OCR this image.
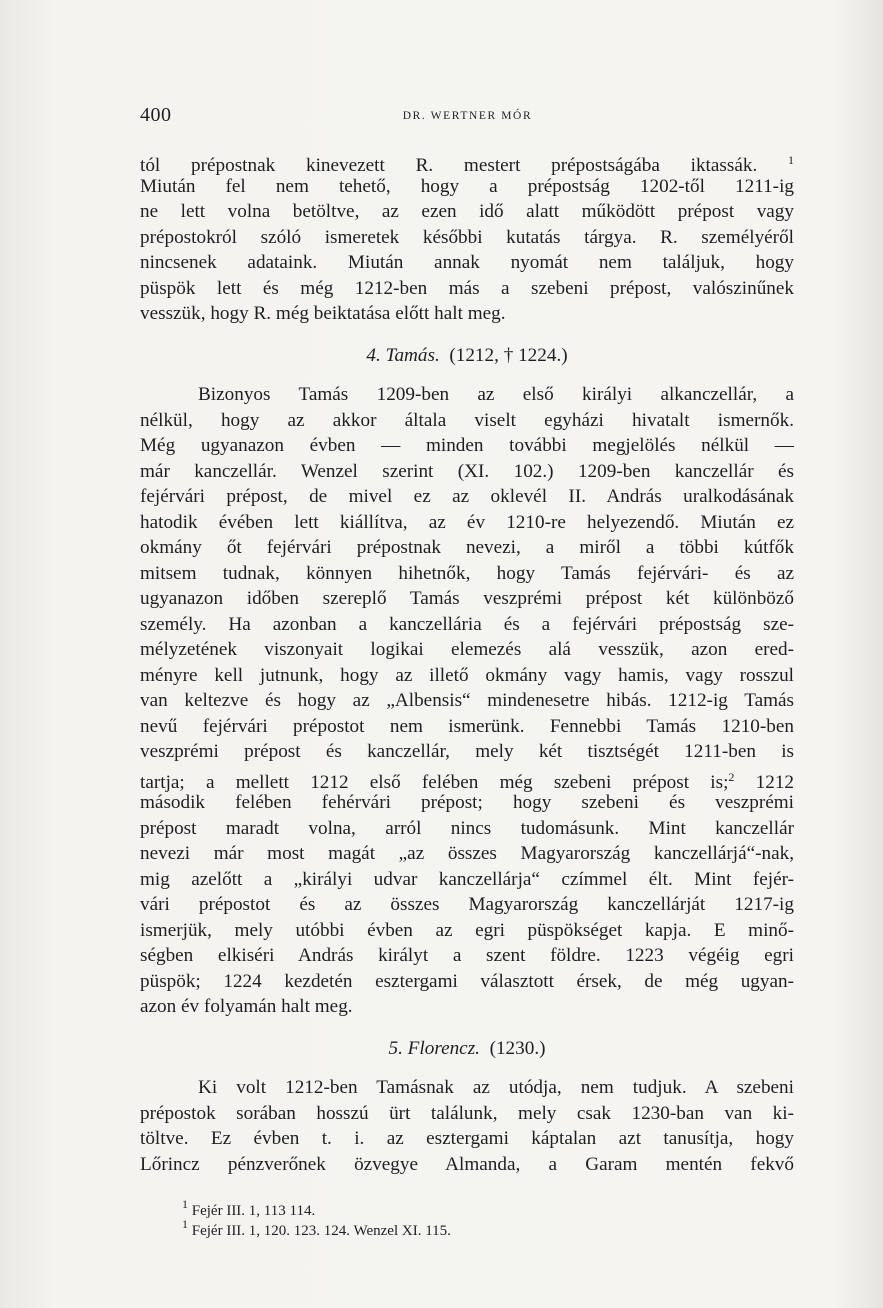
400	DR. WERTNER MÓR
tól prépostnak kinevezett R. mestert prépostságába iktassák.	$^1$
Miután fel nem tehető, hogy a prépostság 1202-től 1211-ig
ne lett volna betöltve, az ezen idő alatt működött prépost vagy
prépostokról szóló ismeretek későbbi kutatás tárgya. R. személyéről
nincsenek adataink. Miután annak nyomát nem találjuk, hogy
püspök lett és még 1212-ben más a szebeni prépost, valószinűnek
vesszük, hogy R. még beiktatása előtt halt meg.
4. Tamás. (1212, † 1224.)
Bizonyos Tamás 1209-ben az első királyi alkanczellár, a
nélkül, hogy az akkor általa viselt egyházi hivatalt ismernők.
Még ugyanazon évben — minden további megjelölés nélkül —
már kanczellár. Wenzel szerint (XI. 102.) 1209-ben kanczellár és
fejérvári prépost, de mivel ez az oklevél II. András uralkodásának
hatodik évében lett kiállítva, az év 1210-re helyezendő. Miután ez
okmány őt fejérvári prépostnak nevezi, a miről a többi kútfők
mitsem tudnak, könnyen hihetnők, hogy Tamás fejérvári- és az
ugyanazon időben szereplő Tamás veszprémi prépost két különböző
személy. Ha azonban a kanczellária és a fejérvári prépostság sze-
mélyzetének viszonyait logikai elemezés alá vesszük, azon ered-
ményre kell jutnunk, hogy az illető okmány vagy hamis, vagy rosszul
van keltezve és hogy az „Albensis“ mindenesetre hibás. 1212-ig Tamás
nevű fejérvári prépostot nem ismerünk. Fennebbi Tamás 1210-ben
veszprémi prépost és kanczellár, mely két tisztségét 1211-ben is
tartja; a mellett 1212 első felében még szebeni prépost is;$^2$ 1212
második felében fehérvári prépost; hogy szebeni és veszprémi
prépost maradt volna, arról nincs tudomásunk. Mint kanczellár
nevezi már most magát „az összes Magyarország kanczellárjá“-nak,
mig azelőtt a „királyi udvar kanczellárja“ czímmel élt. Mint fejér-
vári prépostot és az összes Magyarország kanczellárját 1217-ig
ismerjük, mely utóbbi évben az egri püspökséget kapja. E minő-
ségben elkiséri András királyt a szent földre. 1223 végéig egri
püspök; 1224 kezdetén esztergami választott érsek, de még ugyan-
azon év folyamán halt meg.
5. Florencz. (1230.)
Ki volt 1212-ben Tamásnak az utódja, nem tudjuk. A szebeni
prépostok sorában hosszú ürt találunk, mely csak 1230-ban van ki-
töltve. Ez évben t. i. az esztergami káptalan azt tanusítja, hogy
Lőrincz pénzverőnek özvegye Almanda, a Garam mentén fekvő
$^1$ Fejér III. 1, 113 114.
$^1$ Fejér III. 1, 120. 123. 124. Wenzel XI. 115.
